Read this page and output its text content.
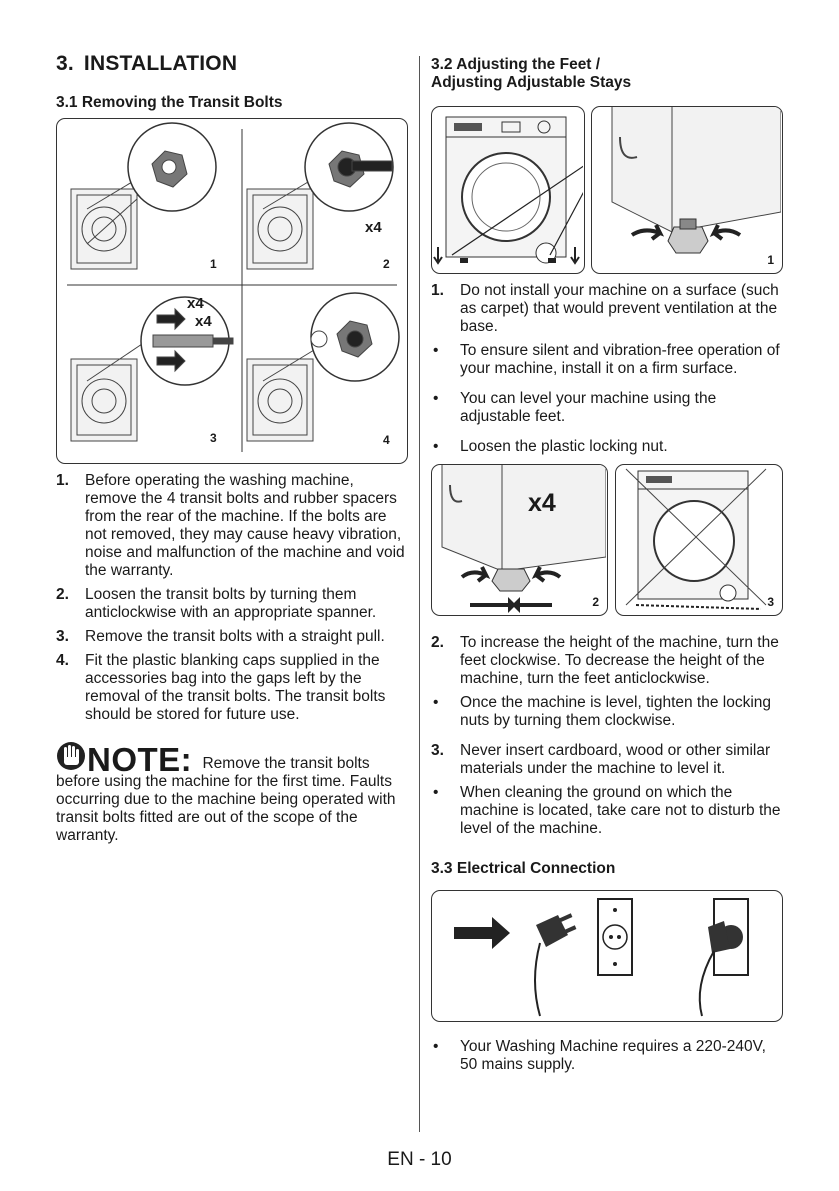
3. INSTALLATION
3.1 Removing the Transit Bolts
x4
x4
x4
1	2
3	4
1. Before operating the washing machine, remove the 4 transit bolts and rubber spacers from the rear of the machine. If the bolts are not removed, they may cause heavy vibration, noise and malfunction of the machine and void the warranty.
2. Loosen the transit bolts by turning them anticlockwise with an appropriate spanner.
3. Remove the transit bolts with a straight pull.
4. Fit the plastic blanking caps supplied in the accessories bag into the gaps left by the removal of the transit bolts. The transit bolts should be stored for future use.
NOTE: Remove the transit bolts before using the machine for the first time. Faults occurring due to the machine being operated with transit bolts fitted are out of the scope of the warranty.
3.2 Adjusting the Feet /
Adjusting Adjustable Stays
1
1. Do not install your machine on a surface (such as carpet) that would prevent ventilation at the base.
• To ensure silent and vibration-free operation of your machine, install it on a firm surface.
• You can level your machine using the adjustable feet.
• Loosen the plastic locking nut.
x4
2	3
2. To increase the height of the machine, turn the feet clockwise. To decrease the height of the machine, turn the feet anticlockwise.
• Once the machine is level, tighten the locking nuts by turning them clockwise.
3. Never insert cardboard, wood or other similar materials under the machine to level it.
• When cleaning the ground on which the machine is located, take care not to disturb the level of the machine.
3.3 Electrical Connection
• Your Washing Machine requires a 220-240V, 50 mains supply.
EN - 10
